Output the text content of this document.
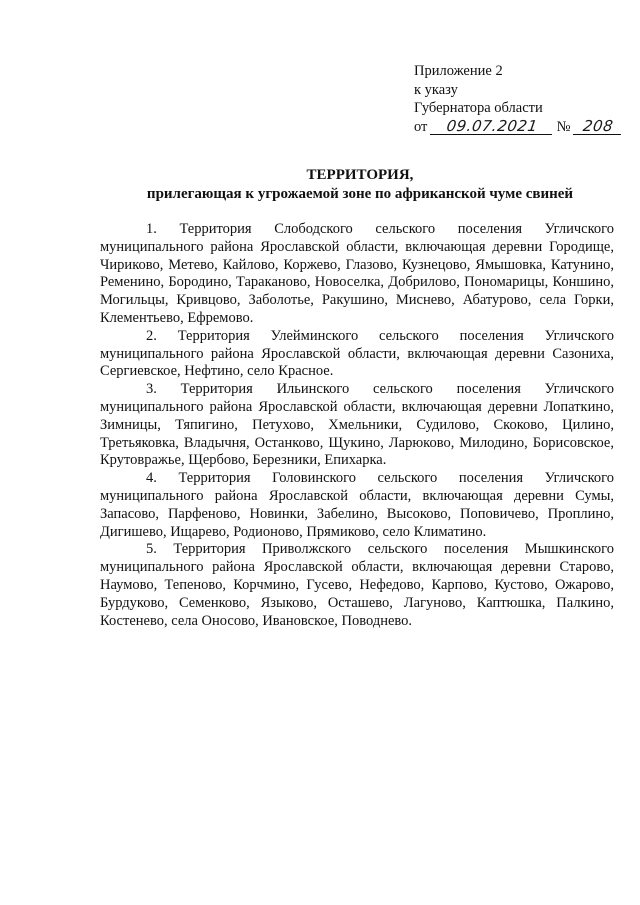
Приложение 2
к указу
Губернатора области
от 09.07.2021 № 208
ТЕРРИТОРИЯ,
прилегающая к угрожаемой зоне по африканской чуме свиней

1. Территория Слободского сельского поселения Угличского муниципального района Ярославской области, включающая деревни Городище, Чириково, Метево, Кайлово, Коржево, Глазово, Кузнецово, Ямышовка, Катунино, Ременино, Бородино, Тараканово, Новоселка, Добрилово, Пономарицы, Коншино, Могильцы, Кривцово, Заболотье, Ракушино, Миснево, Абатурово, села Горки, Клементьево, Ефремово.

2. Территория Улейминского сельского поселения Угличского муниципального района Ярославской области, включающая деревни Сазониха, Сергиевское, Нефтино, село Красное.

3. Территория Ильинского сельского поселения Угличского муниципального района Ярославской области, включающая деревни Лопаткино, Зимницы, Тяпигино, Петухово, Хмельники, Судилово, Скоково, Цилино, Третьяковка, Владычня, Останково, Щукино, Ларюково, Милодино, Борисовское, Крутовражье, Щербово, Березники, Епихарка.

4. Территория Головинского сельского поселения Угличского муниципального района Ярославской области, включающая деревни Сумы, Запасово, Парфеново, Новинки, Забелино, Высоково, Поповичево, Проплино, Дигишево, Ищарево, Родионово, Прямиково, село Климатино.

5. Территория Приволжского сельского поселения Мышкинского муниципального района Ярославской области, включающая деревни Старово, Наумово, Тепеново, Корчмино, Гусево, Нефедово, Карпово, Кустово, Ожарово, Бурдуково, Семенково, Языково, Осташево, Лагуново, Каптюшка, Палкино, Костенево, села Оносово, Ивановское, Поводнево.
